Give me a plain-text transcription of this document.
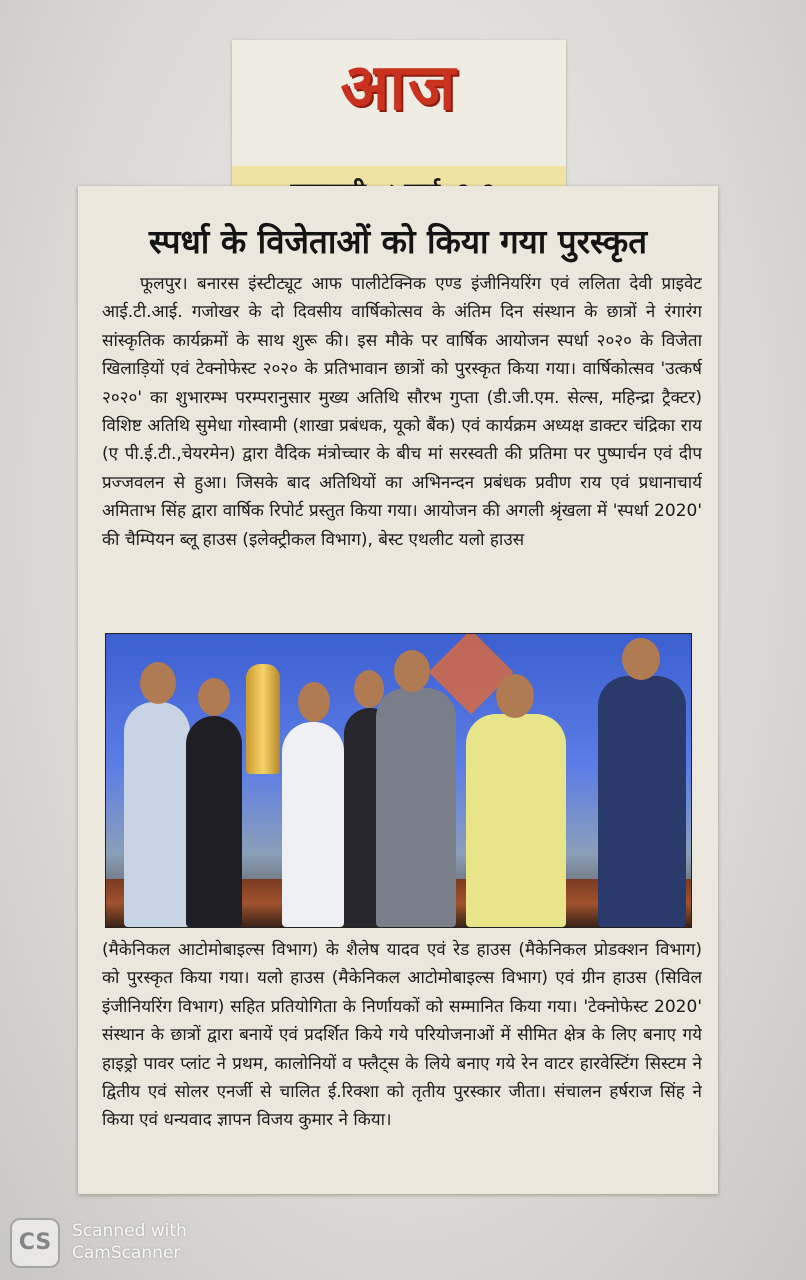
आज
स्पर्धा के विजेताओं को किया गया पुरस्कृत

फूलपुर। बनारस इंस्टीट्यूट आफ पालीटेक्निक एण्ड इंजीनियरिंग एवं ललिता देवी प्राइवेट आई.टी.आई. गजोखर के दो दिवसीय वार्षिकोत्सव के अंतिम दिन संस्थान के छात्रों ने रंगारंग सांस्कृतिक कार्यक्रमों के साथ शुरू की। इस मौके पर वार्षिक आयोजन स्पर्धा २०२० के विजेता खिलाड़ियों एवं टेक्नोफेस्ट २०२० के प्रतिभावान छात्रों को पुरस्कृत किया गया। वार्षिकोत्सव 'उत्कर्ष २०२०' का शुभारम्भ परम्परानुसार मुख्य अतिथि सौरभ गुप्ता (डी.जी.एम. सेल्स, महिन्द्रा ट्रैक्टर) विशिष्ट अतिथि सुमेधा गोस्वामी (शाखा प्रबंधक, यूको बैंक) एवं कार्यक्रम अध्यक्ष डाक्टर चंद्रिका राय (ए पी.ई.टी.,चेयरमेन) द्वारा वैदिक मंत्रोच्चार के बीच मां सरस्वती की प्रतिमा पर पुष्पार्चन एवं दीप प्रज्जवलन से हुआ। जिसके बाद अतिथियों का अभिनन्दन प्रबंधक प्रवीण राय एवं प्रधानाचार्य अमिताभ सिंह द्वारा वार्षिक रिपोर्ट प्रस्तुत किया गया। आयोजन की अगली श्रृंखला में 'स्पर्धा 2020' की चैम्पियन ब्लू हाउस (इलेक्ट्रीकल विभाग), बेस्ट एथलीट यलो हाउस

(मैकेनिकल आटोमोबाइल्स विभाग) के शैलेष यादव एवं रेड हाउस (मैकेनिकल प्रोडक्शन विभाग) को पुरस्कृत किया गया। यलो हाउस (मैकेनिकल आटोमोबाइल्स विभाग) एवं ग्रीन हाउस (सिविल इंजीनियरिंग विभाग) सहित प्रतियोगिता के निर्णायकों को सम्मानित किया गया। 'टेक्नोफेस्ट 2020' संस्थान के छात्रों द्वारा बनायें एवं प्रदर्शित किये गये परियोजनाओं में सीमित क्षेत्र के लिए बनाए गये हाइड्रो पावर प्लांट ने प्रथम, कालोनियों व फ्लैट्स के लिये बनाए गये रेन वाटर हारवेस्टिंग सिस्टम ने द्वितीय एवं सोलर एनर्जी से चालित ई.रिक्शा को तृतीय पुरस्कार जीता। संचालन हर्षराज सिंह ने किया एवं धन्यवाद ज्ञापन विजय कुमार ने किया।

CS	Scanned with
CamScanner
